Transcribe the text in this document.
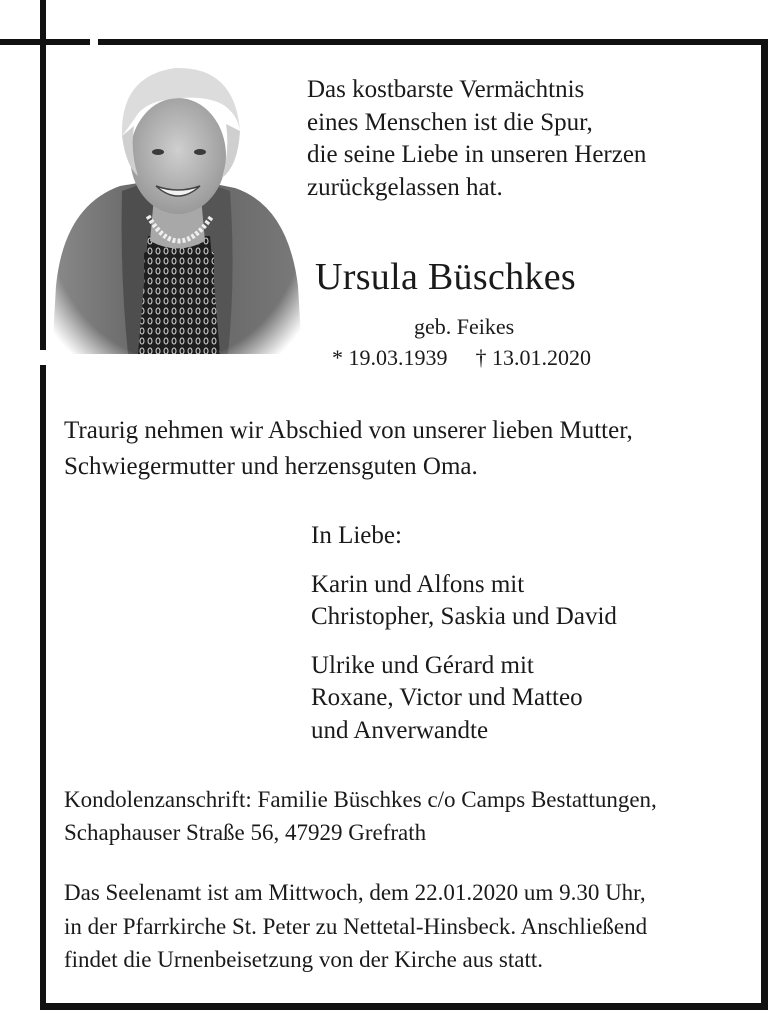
Das kostbarste Vermächtnis
eines Menschen ist die Spur,
die seine Liebe in unseren Herzen
zurückgelassen hat.
Ursula Büschkes
geb. Feikes
* 19.03.1939 † 13.01.2020
Traurig nehmen wir Abschied von unserer lieben Mutter,
Schwiegermutter und herzensguten Oma.
In Liebe:
Karin und Alfons mit
Christopher, Saskia und David
Ulrike und Gérard mit
Roxane, Victor und Matteo
und Anverwandte
Kondolenzanschrift: Familie Büschkes c/o Camps Bestattungen,
Schaphauser Straße 56, 47929 Grefrath
Das Seelenamt ist am Mittwoch, dem 22.01.2020 um 9.30 Uhr,
in der Pfarrkirche St. Peter zu Nettetal-Hinsbeck. Anschließend
findet die Urnenbeisetzung von der Kirche aus statt.
